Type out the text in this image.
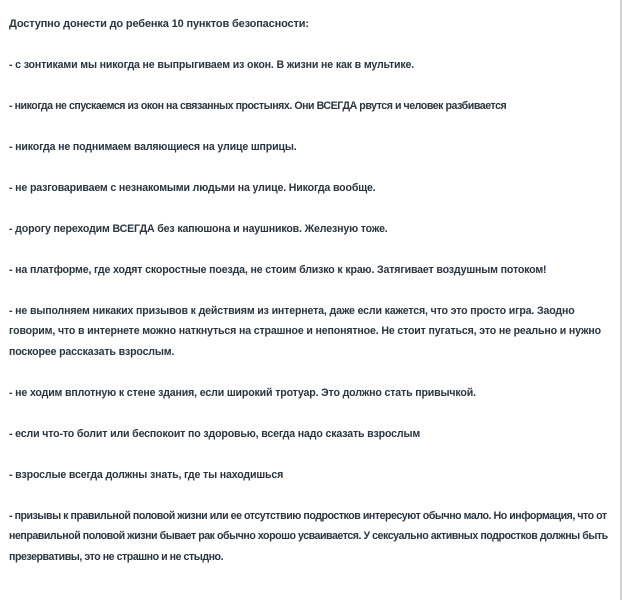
Доступно донести до ребенка 10 пунктов безопасности:
- с зонтиками мы никогда не выпрыгиваем из окон. В жизни не как в мультике.
- никогда не спускаемся из окон на связанных простынях. Они ВСЕГДА рвутся и человек разбивается
- никогда не поднимаем валяющиеся на улице шприцы.
- не разговариваем с незнакомыми людьми на улице. Никогда вообще.
- дорогу переходим ВСЕГДА без капюшона и наушников. Железную тоже.
- на платформе, где ходят скоростные поезда, не стоим близко к краю. Затягивает воздушным потоком!
- не выполняем никаких призывов к действиям из интернета, даже если кажется, что это просто игра. Заодно говорим, что в интернете можно наткнуться на страшное и непонятное. Не стоит пугаться, это не реально и нужно поскорее рассказать взрослым.
- не ходим вплотную к стене здания, если широкий тротуар. Это должно стать привычкой.
- если что-то болит или беспокоит по здоровью, всегда надо сказать взрослым
- взрослые всегда должны знать, где ты находишься
- призывы к правильной половой жизни или ее отсутствию подростков интересуют обычно мало. Но информация, что от неправильной половой жизни бывает рак обычно хорошо усваивается. У сексуально активных подростков должны быть презервативы, это не страшно и не стыдно.
